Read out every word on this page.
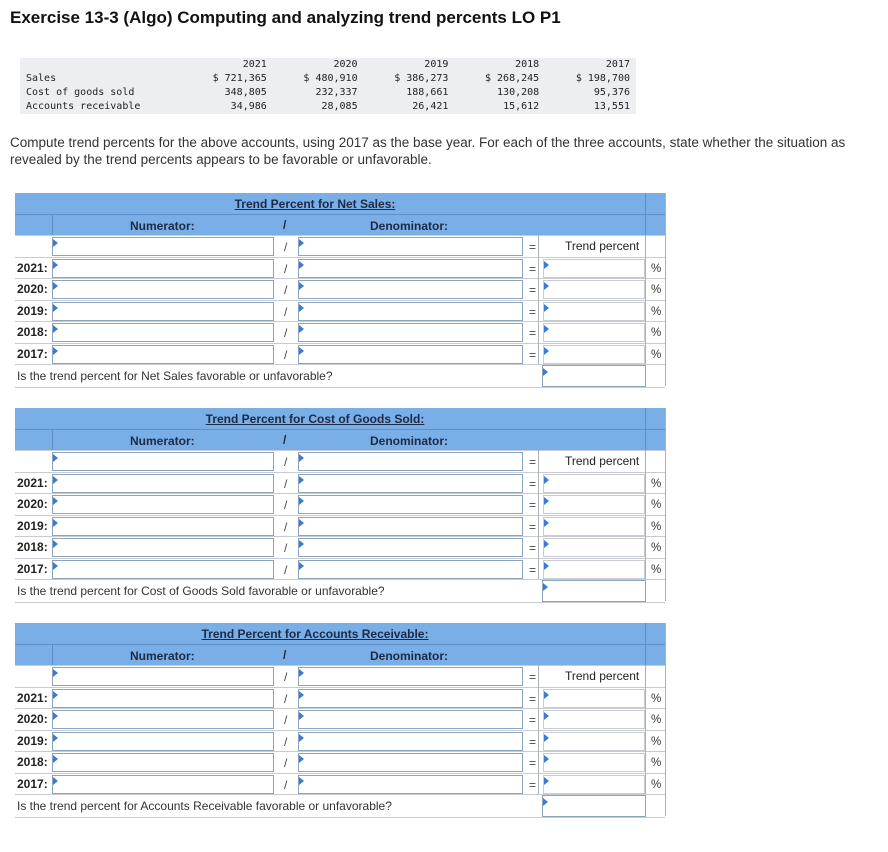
Exercise 13-3 (Algo) Computing and analyzing trend percents LO P1
	2021	2020	2019	2018	2017
Sales	$ 721,365	$ 480,910	$ 386,273	$ 268,245	$ 198,700
Cost of goods sold	348,805	232,337	188,661	130,208	95,376
Accounts receivable	34,986	28,085	26,421	15,612	13,551
Compute trend percents for the above accounts, using 2017 as the base year. For each of the three accounts, state whether the situation as revealed by the trend percents appears to be favorable or unfavorable.
Trend Percent for Net Sales:
Numerator:	/	Denominator:
/	= Trend percent
2021:	/	=	%
2020:	/	=	%
2019:	/	=	%
2018:	/	=	%
2017:	/	=	%
Is the trend percent for Net Sales favorable or unfavorable?
Trend Percent for Cost of Goods Sold:
Numerator:	/	Denominator:
/	= Trend percent
2021:	/	=	%
2020:	/	=	%
2019:	/	=	%
2018:	/	=	%
2017:	/	=	%
Is the trend percent for Cost of Goods Sold favorable or unfavorable?
Trend Percent for Accounts Receivable:
Numerator:	/	Denominator:
/	= Trend percent
2021:	/	=	%
2020:	/	=	%
2019:	/	=	%
2018:	/	=	%
2017:	/	=	%
Is the trend percent for Accounts Receivable favorable or unfavorable?
